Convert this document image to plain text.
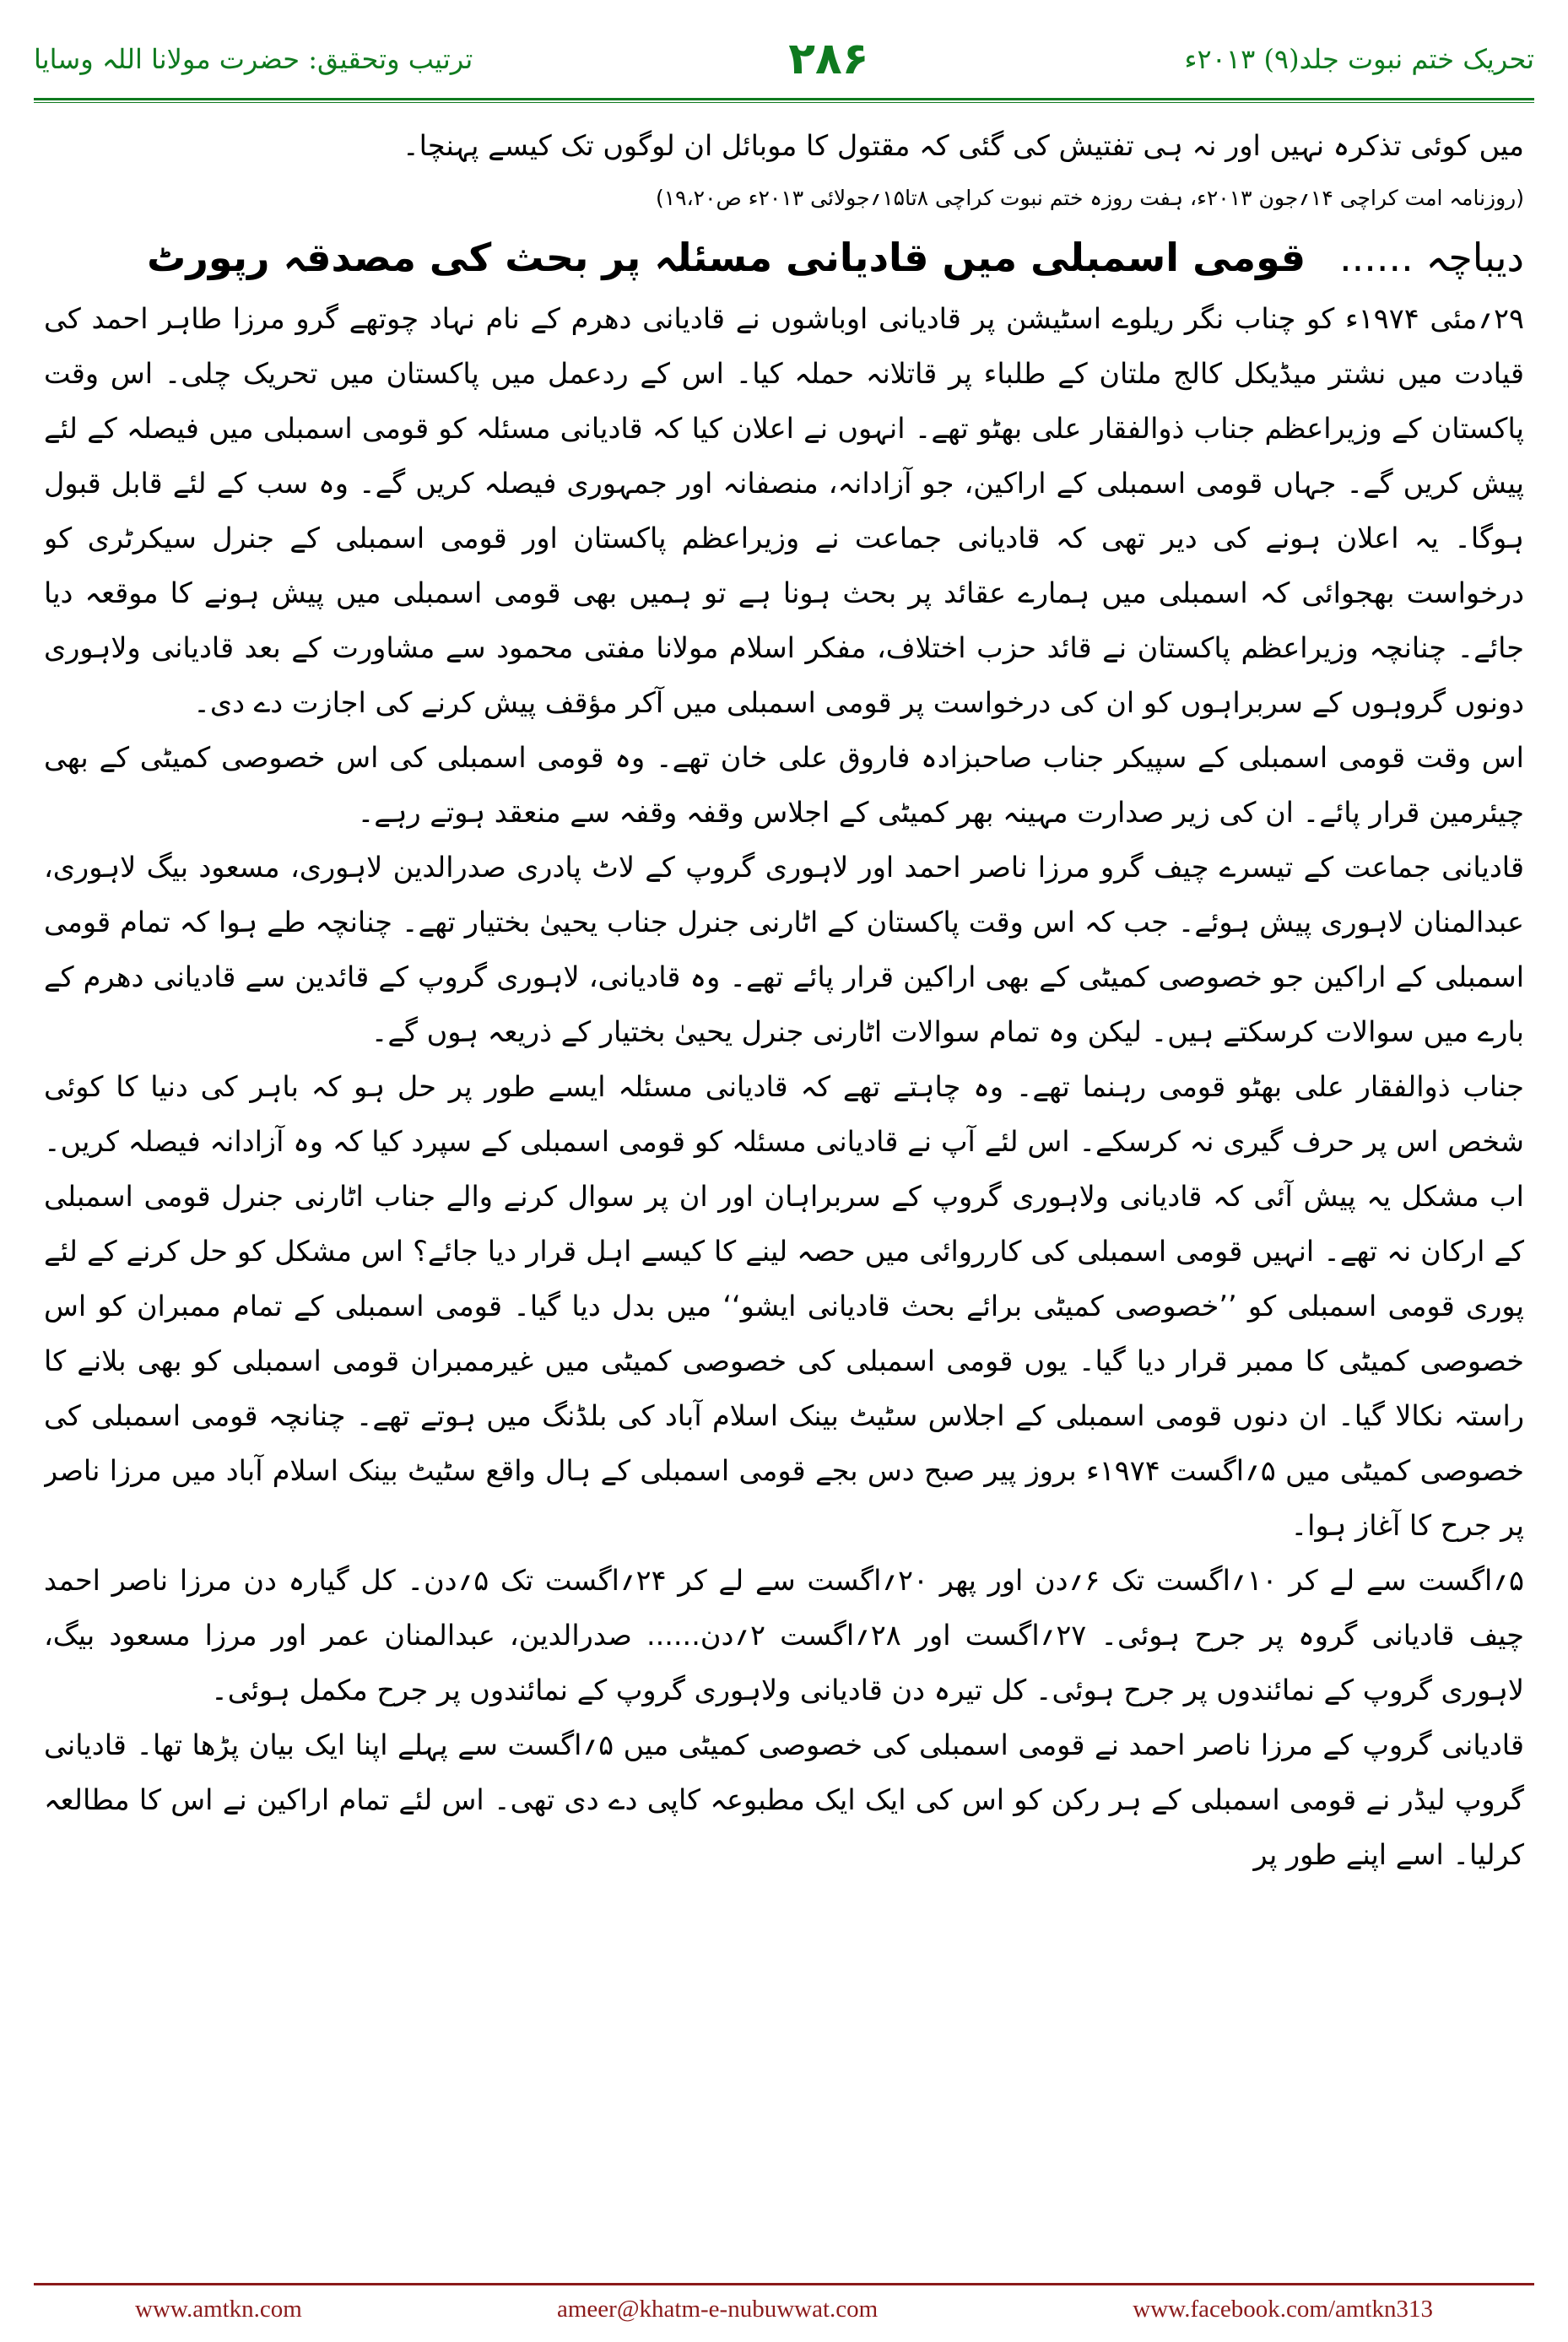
ترتیب وتحقیق: حضرت مولانا اللہ وسایا	۲۸۶	تحریک ختم نبوت جلد(۹) ۲۰۱۳ء

میں کوئی تذکرہ نہیں اور نہ ہی تفتیش کی گئی کہ مقتول کا موبائل ان لوگوں تک کیسے پہنچا۔

(روزنامہ امت کراچی ۱۴؍جون ۲۰۱۳ء، ہفت روزہ ختم نبوت کراچی ۸تا۱۵؍جولائی ۲۰۱۳ء ص۱۹،۲۰)

دیباچہ ......
قومی اسمبلی میں قادیانی مسئلہ پر بحث کی مصدقہ رپورٹ

۲۹؍مئی ۱۹۷۴ء کو چناب نگر ریلوے اسٹیشن پر قادیانی اوباشوں نے قادیانی دھرم کے نام نہاد چوتھے گرو مرزا طاہر احمد کی قیادت میں نشتر میڈیکل کالج ملتان کے طلباء پر قاتلانہ حملہ کیا۔ اس کے ردعمل میں پاکستان میں تحریک چلی۔ اس وقت پاکستان کے وزیراعظم جناب ذوالفقار علی بھٹو تھے۔ انہوں نے اعلان کیا کہ قادیانی مسئلہ کو قومی اسمبلی میں فیصلہ کے لئے پیش کریں گے۔ جہاں قومی اسمبلی کے اراکین، جو آزادانہ، منصفانہ اور جمہوری فیصلہ کریں گے۔ وہ سب کے لئے قابل قبول ہوگا۔ یہ اعلان ہونے کی دیر تھی کہ قادیانی جماعت نے وزیراعظم پاکستان اور قومی اسمبلی کے جنرل سیکرٹری کو درخواست بھجوائی کہ اسمبلی میں ہمارے عقائد پر بحث ہونا ہے تو ہمیں بھی قومی اسمبلی میں پیش ہونے کا موقعہ دیا جائے۔ چنانچہ وزیراعظم پاکستان نے قائد حزب اختلاف، مفکر اسلام مولانا مفتی محمود سے مشاورت کے بعد قادیانی ولاہوری دونوں گروہوں کے سربراہوں کو ان کی درخواست پر قومی اسمبلی میں آکر مؤقف پیش کرنے کی اجازت دے دی۔

اس وقت قومی اسمبلی کے سپیکر جناب صاحبزادہ فاروق علی خان تھے۔ وہ قومی اسمبلی کی اس خصوصی کمیٹی کے بھی چیئرمین قرار پائے۔ ان کی زیر صدارت مہینہ بھر کمیٹی کے اجلاس وقفہ وقفہ سے منعقد ہوتے رہے۔

قادیانی جماعت کے تیسرے چیف گرو مرزا ناصر احمد اور لاہوری گروپ کے لاٹ پادری صدرالدین لاہوری، مسعود بیگ لاہوری، عبدالمنان لاہوری پیش ہوئے۔ جب کہ اس وقت پاکستان کے اٹارنی جنرل جناب یحییٰ بختیار تھے۔ چنانچہ طے ہوا کہ تمام قومی اسمبلی کے اراکین جو خصوصی کمیٹی کے بھی اراکین قرار پائے تھے۔ وہ قادیانی، لاہوری گروپ کے قائدین سے قادیانی دھرم کے بارے میں سوالات کرسکتے ہیں۔ لیکن وہ تمام سوالات اٹارنی جنرل یحییٰ بختیار کے ذریعہ ہوں گے۔

جناب ذوالفقار علی بھٹو قومی رہنما تھے۔ وہ چاہتے تھے کہ قادیانی مسئلہ ایسے طور پر حل ہو کہ باہر کی دنیا کا کوئی شخص اس پر حرف گیری نہ کرسکے۔ اس لئے آپ نے قادیانی مسئلہ کو قومی اسمبلی کے سپرد کیا کہ وہ آزادانہ فیصلہ کریں۔ اب مشکل یہ پیش آئی کہ قادیانی ولاہوری گروپ کے سربراہان اور ان پر سوال کرنے والے جناب اٹارنی جنرل قومی اسمبلی کے ارکان نہ تھے۔ انہیں قومی اسمبلی کی کارروائی میں حصہ لینے کا کیسے اہل قرار دیا جائے؟ اس مشکل کو حل کرنے کے لئے پوری قومی اسمبلی کو ’’خصوصی کمیٹی برائے بحث قادیانی ایشو‘‘ میں بدل دیا گیا۔ قومی اسمبلی کے تمام ممبران کو اس خصوصی کمیٹی کا ممبر قرار دیا گیا۔ یوں قومی اسمبلی کی خصوصی کمیٹی میں غیرممبران قومی اسمبلی کو بھی بلانے کا راستہ نکالا گیا۔ ان دنوں قومی اسمبلی کے اجلاس سٹیٹ بینک اسلام آباد کی بلڈنگ میں ہوتے تھے۔ چنانچہ قومی اسمبلی کی خصوصی کمیٹی میں ۵؍اگست ۱۹۷۴ء بروز پیر صبح دس بجے قومی اسمبلی کے ہال واقع سٹیٹ بینک اسلام آباد میں مرزا ناصر پر جرح کا آغاز ہوا۔

۵؍اگست سے لے کر ۱۰؍اگست تک ۶؍دن اور پھر ۲۰؍اگست سے لے کر ۲۴؍اگست تک ۵؍دن۔ کل گیارہ دن مرزا ناصر احمد چیف قادیانی گروہ پر جرح ہوئی۔ ۲۷؍اگست اور ۲۸؍اگست ۲؍دن...... صدرالدین، عبدالمنان عمر اور مرزا مسعود بیگ، لاہوری گروپ کے نمائندوں پر جرح ہوئی۔ کل تیرہ دن قادیانی ولاہوری گروپ کے نمائندوں پر جرح مکمل ہوئی۔

قادیانی گروپ کے مرزا ناصر احمد نے قومی اسمبلی کی خصوصی کمیٹی میں ۵؍اگست سے پہلے اپنا ایک بیان پڑھا تھا۔ قادیانی گروپ لیڈر نے قومی اسمبلی کے ہر رکن کو اس کی ایک ایک مطبوعہ کاپی دے دی تھی۔ اس لئے تمام اراکین نے اس کا مطالعہ کرلیا۔ اسے اپنے طور پر

www.amtkn.com	ameer@khatm-e-nubuwwat.com	www.facebook.com/amtkn313
